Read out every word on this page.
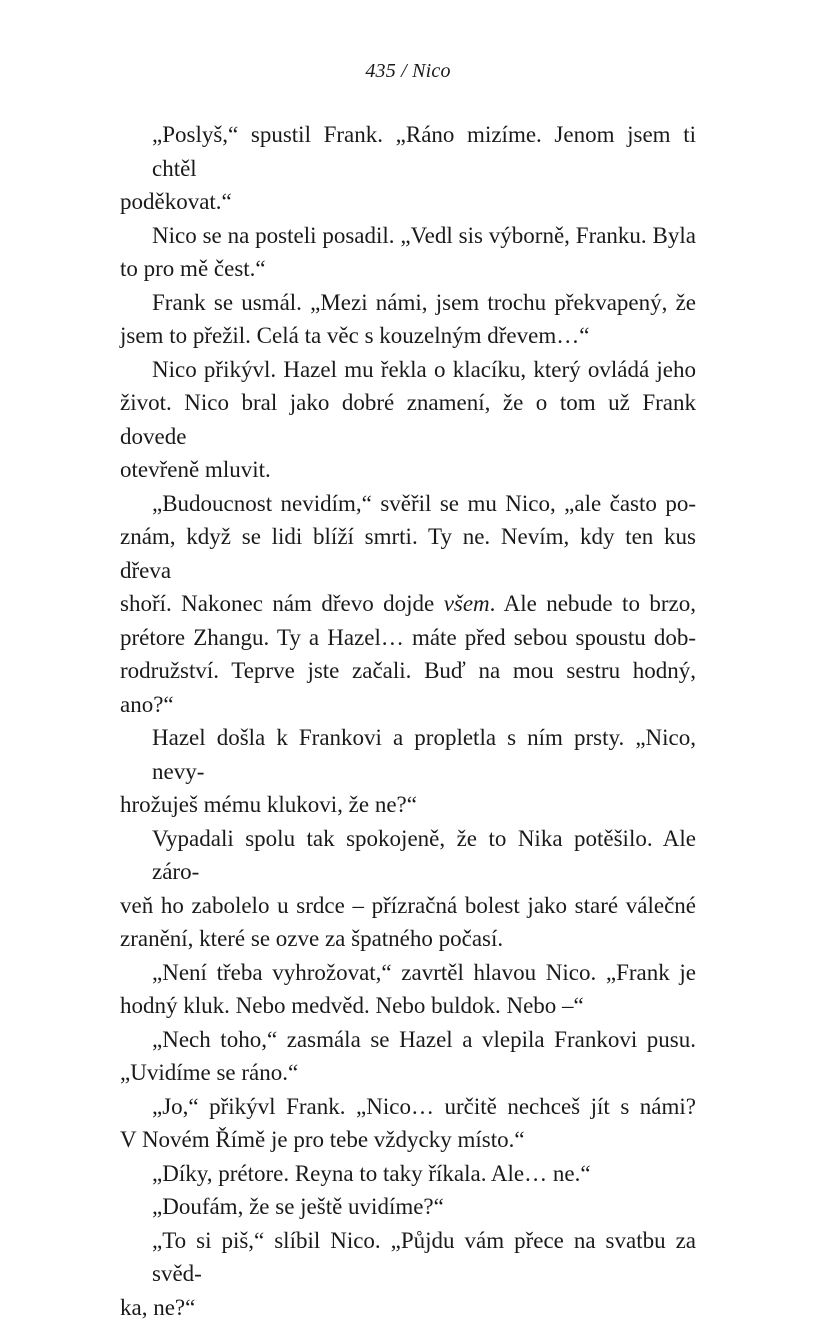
435 / Nico

„Poslyš,“ spustil Frank. „Ráno mizíme. Jenom jsem ti chtěl
poděkovat.“

Nico se na posteli posadil. „Vedl sis výborně, Franku. Byla
to pro mě čest.“

Frank se usmál. „Mezi námi, jsem trochu překvapený, že
jsem to přežil. Celá ta věc s kouzelným dřevem…“

Nico přikývl. Hazel mu řekla o klacíku, který ovládá jeho
život. Nico bral jako dobré znamení, že o tom už Frank dovede
otevřeně mluvit.

„Budoucnost nevidím,“ svěřil se mu Nico, „ale často po-
znám, když se lidi blíží smrti. Ty ne. Nevím, kdy ten kus dřeva
shoří. Nakonec nám dřevo dojde všem. Ale nebude to brzo,
prétore Zhangu. Ty a Hazel… máte před sebou spoustu dob-
rodružství. Teprve jste začali. Buď na mou sestru hodný, ano?“

Hazel došla k Frankovi a propletla s ním prsty. „Nico, nevy-
hrožuješ mému klukovi, že ne?“

Vypadali spolu tak spokojeně, že to Nika potěšilo. Ale záro-
veň ho zabolelo u srdce – přízračná bolest jako staré válečné
zranění, které se ozve za špatného počasí.

„Není třeba vyhrožovat,“ zavrtěl hlavou Nico. „Frank je
hodný kluk. Nebo medvěd. Nebo buldok. Nebo –“

„Nech toho,“ zasmála se Hazel a vlepila Frankovi pusu.
„Uvidíme se ráno.“

„Jo,“ přikývl Frank. „Nico… určitě nechceš jít s námi?
V Novém Římě je pro tebe vždycky místo.“

„Díky, prétore. Reyna to taky říkala. Ale… ne.“

„Doufám, že se ještě uvidíme?“

„To si piš,“ slíbil Nico. „Půjdu vám přece na svatbu za svěd-
ka, ne?“
